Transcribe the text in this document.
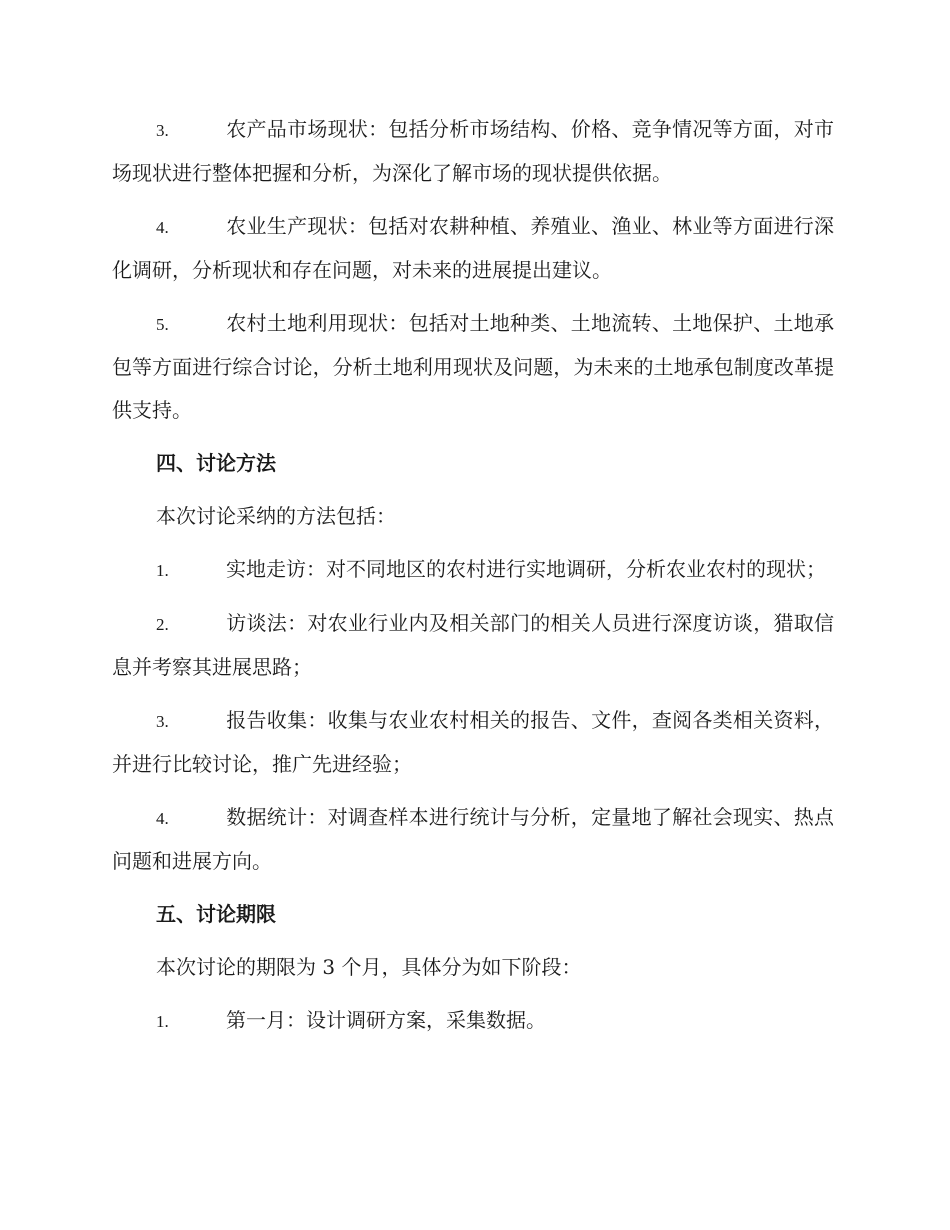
3.	农产品市场现状：包括分析市场结构、价格、竞争情况等方面，对市场现状进行整体把握和分析，为深化了解市场的现状提供依据。

4.	农业生产现状：包括对农耕种植、养殖业、渔业、林业等方面进行深化调研，分析现状和存在问题，对未来的进展提出建议。

5.	农村土地利用现状：包括对土地种类、土地流转、土地保护、土地承包等方面进行综合讨论，分析土地利用现状及问题，为未来的土地承包制度改革提供支持。

四、讨论方法

本次讨论采纳的方法包括：

1.	实地走访：对不同地区的农村进行实地调研，分析农业农村的现状；

2.	访谈法：对农业行业内及相关部门的相关人员进行深度访谈，猎取信息并考察其进展思路；

3.	报告收集：收集与农业农村相关的报告、文件，查阅各类相关资料，并进行比较讨论，推广先进经验；

4.	数据统计：对调查样本进行统计与分析，定量地了解社会现实、热点问题和进展方向。

五、讨论期限

本次讨论的期限为 3 个月，具体分为如下阶段：

1.	第一月：设计调研方案，采集数据。
